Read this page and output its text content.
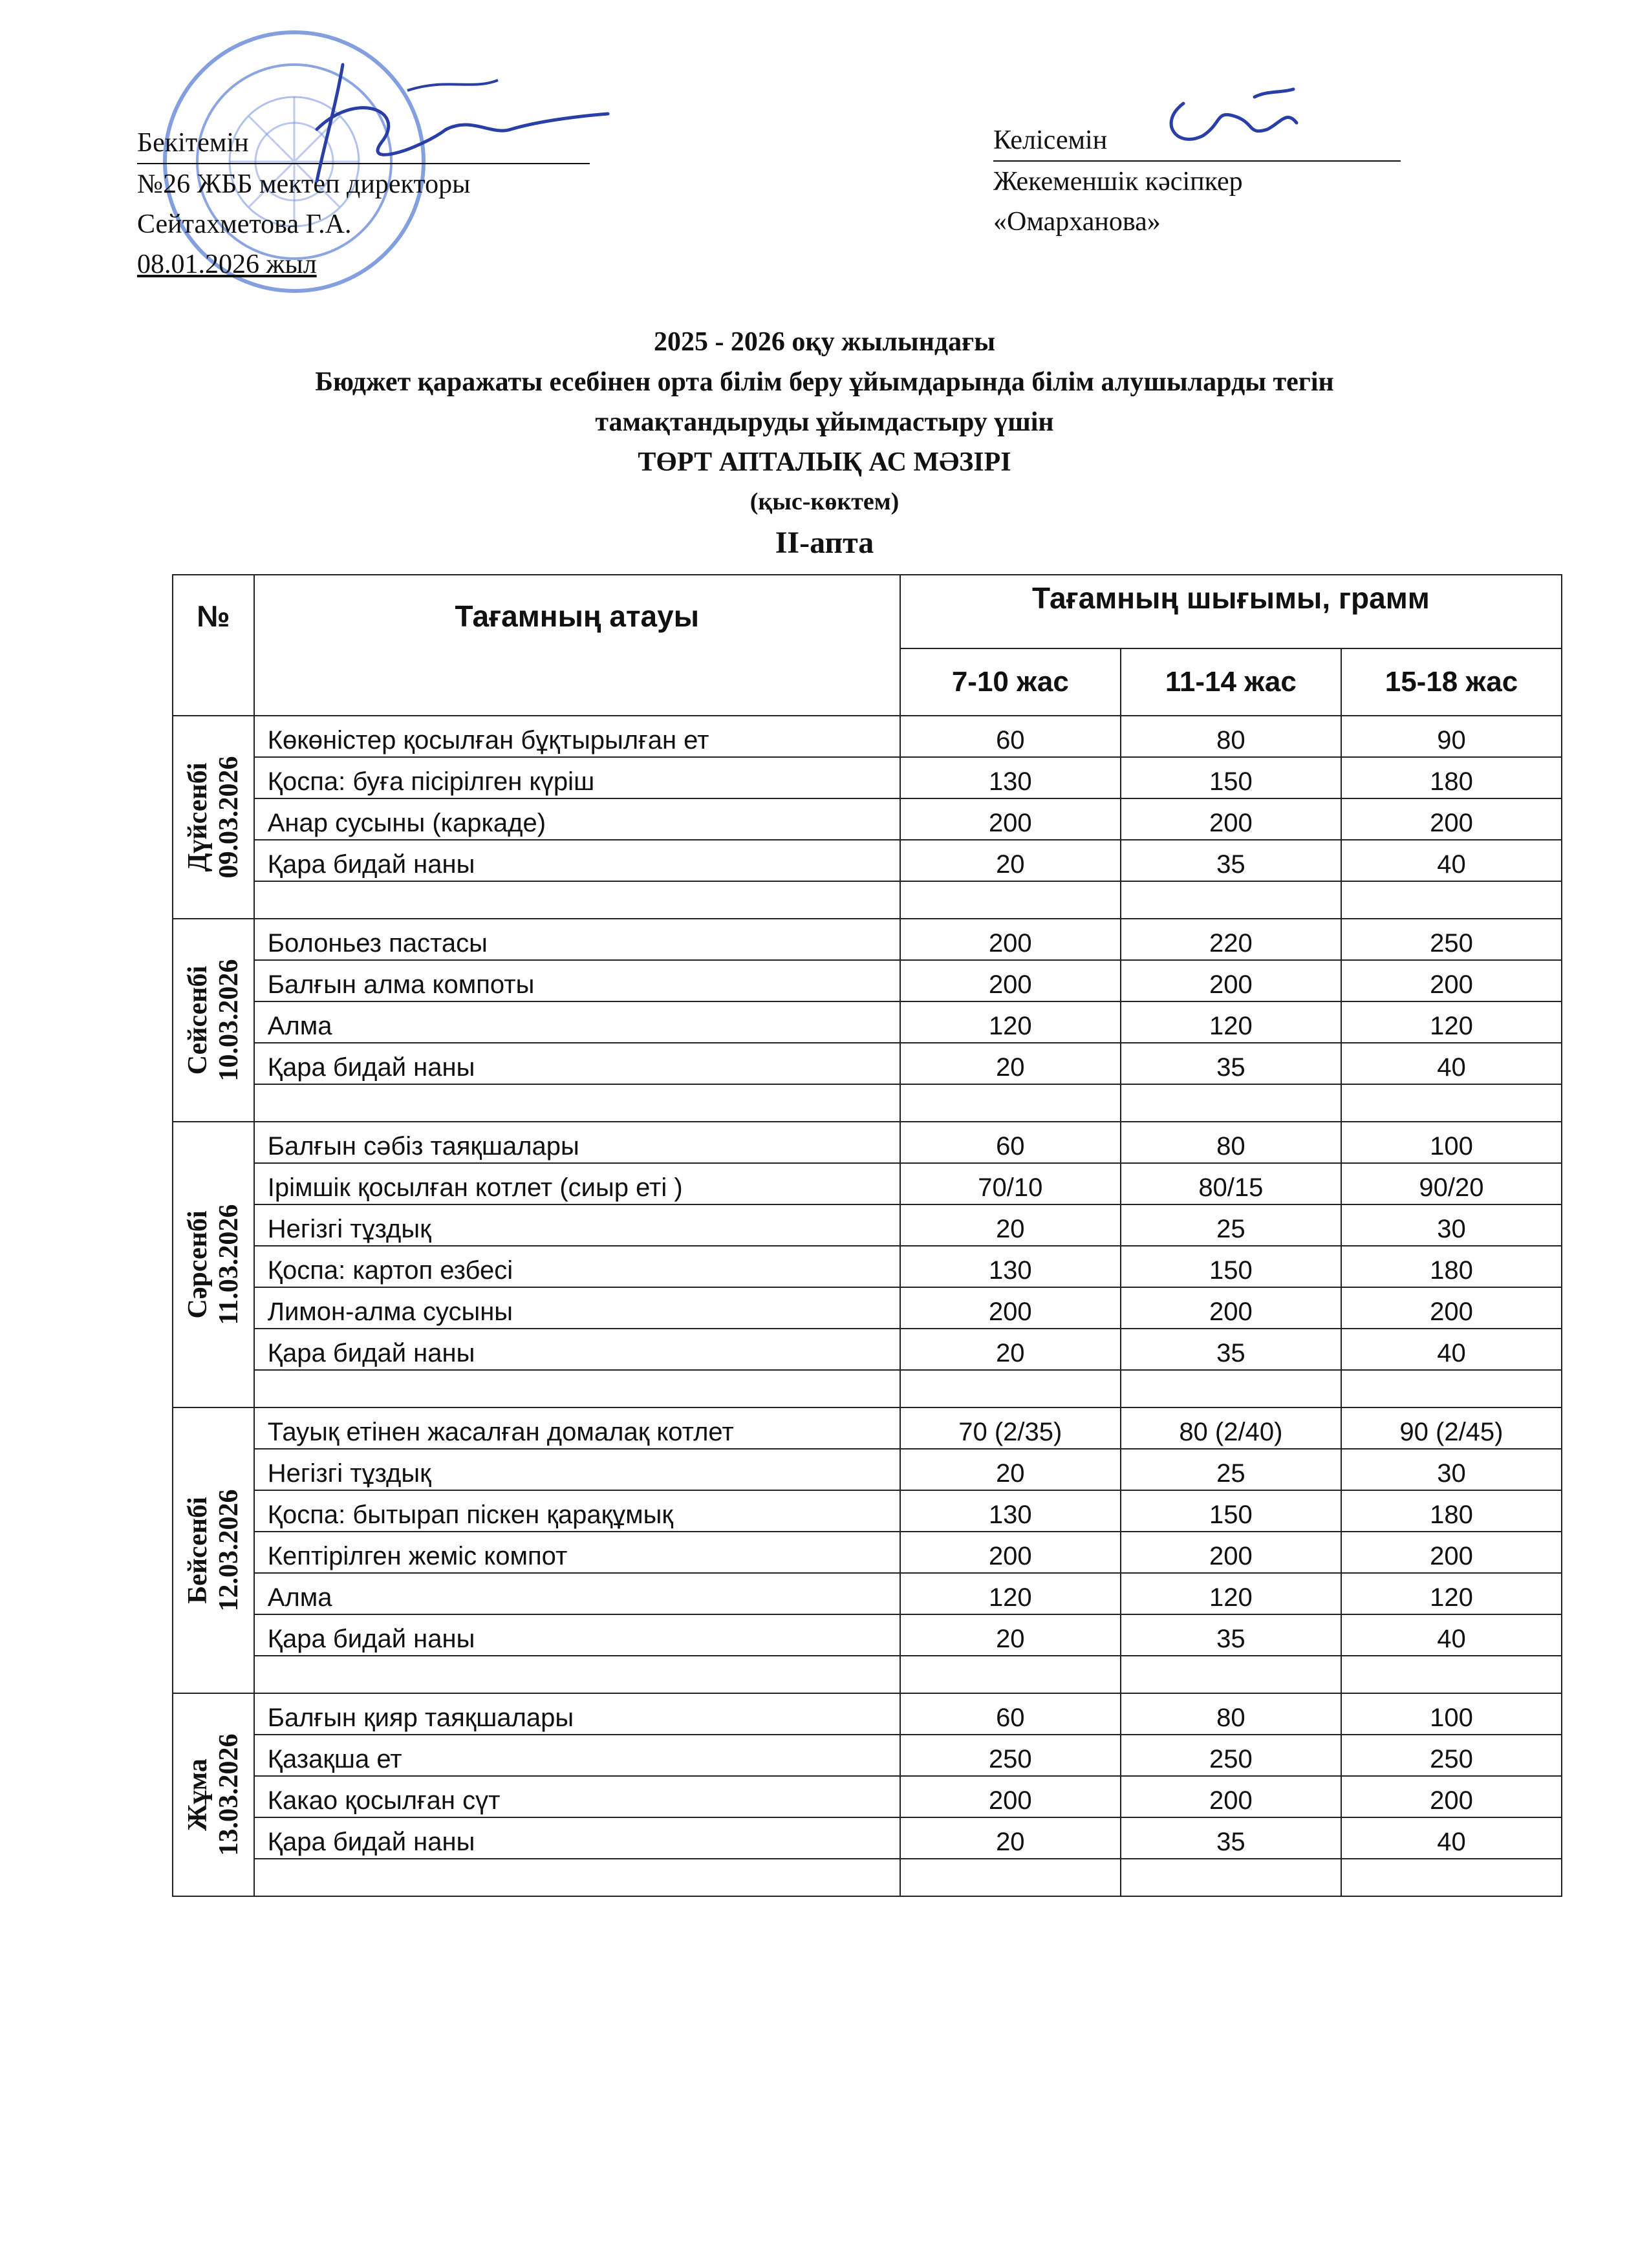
Бекітемін
№26 ЖББ мектеп директоры
Сейтахметова Г.А.
08.01.2026 жыл
Келісемін
Жекеменшік кәсіпкер
«Омарханова»
2025 - 2026 оқу жылындағы
Бюджет қаражаты есебінен орта білім беру ұйымдарында білім алушыларды тегін
тамақтандыруды ұйымдастыру үшін
ТӨРТ АПТАЛЫҚ АС МӘЗІРІ
(қыс-көктем)
ІІ-апта
№	Тағамның атауы	Тағамның шығымы, грамм		
		7-10 жас	11-14 жас	15-18 жас

Дүйсенбі 09.03.2026	Көкөністер қосылған бұқтырылған ет	60	80	90
	Қоспа: буға пісірілген күріш	130	150	180
	Анар сусыны (каркаде)	200	200	200
	Қара бидай наны	20	35	40

Сейсенбі 10.03.2026	Болоньез пастасы	200	220	250
	Балғын алма компоты	200	200	200
	Алма	120	120	120
	Қара бидай наны	20	35	40

Сәрсенбі 11.03.2026	Балғын сәбіз таяқшалары	60	80	100
	Ірімшік қосылған котлет (сиыр еті )	70/10	80/15	90/20
	Негізгі тұздық	20	25	30
	Қоспа: картоп езбесі	130	150	180
	Лимон-алма сусыны	200	200	200
	Қара бидай наны	20	35	40

Бейсенбі 12.03.2026	Тауық етінен жасалған домалақ котлет	70 (2/35)	80 (2/40)	90 (2/45)
	Негізгі тұздық	20	25	30
	Қоспа: бытырап піскен қарақұмық	130	150	180
	Кептірілген жеміс компот	200	200	200
	Алма	120	120	120
	Қара бидай наны	20	35	40

Жұма 13.03.2026	Балғын қияр таяқшалары	60	80	100
	Қазақша ет	250	250	250
	Какао қосылған сүт	200	200	200
	Қара бидай наны	20	35	40
